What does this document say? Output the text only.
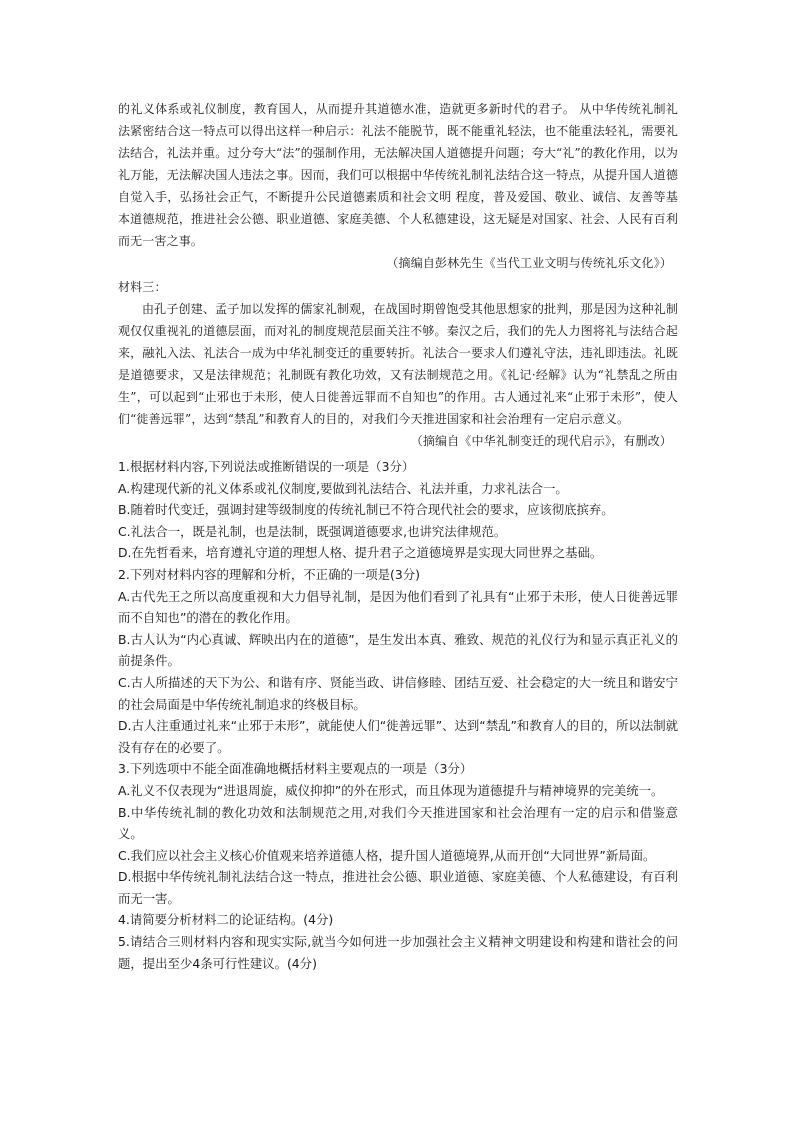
的礼义体系或礼仪制度，教育国人，从而提升其道德水准，造就更多新时代的君子。 从中华传统礼制礼法紧密结合这一特点可以得出这样一种启示：礼法不能脱节，既不能重礼轻法，也不能重法轻礼，需要礼法结合，礼法并重。过分夸大“法”的强制作用，无法解决国人道德提升问题；夸大“礼”的教化作用，以为礼万能，无法解决国人违法之事。因而，我们可以根据中华传统礼制礼法结合这一特点，从提升国人道德自觉入手，弘扬社会正气，不断提升公民道德素质和社会文明 程度，普及爱国、敬业、诚信、友善等基本道德规范，推进社会公德、职业道德、家庭美德、个人私德建设，这无疑是对国家、社会、人民有百利而无一害之事。

（摘编自彭林先生《当代工业文明与传统礼乐文化》）

材料三：

由孔子创建、孟子加以发挥的儒家礼制观，在战国时期曾饱受其他思想家的批判，那是因为这种礼制观仅仅重视礼的道德层面，而对礼的制度规范层面关注不够。秦汉之后，我们的先人力图将礼与法结合起来，融礼入法、礼法合一成为中华礼制变迁的重要转折。礼法合一要求人们遵礼守法，违礼即违法。礼既是道德要求，又是法律规范；礼制既有教化功效，又有法制规范之用。《礼记·经解》认为“礼禁乱之所由生”，可以起到“止邪也于未形，使人日徙善远罪而不自知也”的作用。古人通过礼来“止邪于未形”，使人们“徙善远罪”，达到“禁乱”和教育人的目的，对我们今天推进国家和社会治理有一定启示意义。

（摘编自《中华礼制变迁的现代启示》，有删改）

1.根据材料内容,下列说法或推断错误的一项是（3分）

A.构建现代新的礼义体系或礼仪制度,要做到礼法结合、礼法并重，力求礼法合一。

B.随着时代变迁，强调封建等级制度的传统礼制已不符合现代社会的要求，应该彻底摈弃。

C.礼法合一，既是礼制，也是法制，既强调道德要求,也讲究法律规范。

D.在先哲看来，培育遵礼守道的理想人格、提升君子之道德境界是实现大同世界之基础。

2.下列对材料内容的理解和分析，不正确的一项是(3分)

A.古代先王之所以高度重视和大力倡导礼制，是因为他们看到了礼具有“止邪于未形，使人日徙善远罪而不自知也”的潜在的教化作用。

B.古人认为“内心真诚、辉映出内在的道德”，是生发出本真、雅致、规范的礼仪行为和显示真正礼义的前提条件。

C.古人所描述的天下为公、和谐有序、贤能当政、讲信修睦、团结互爱、社会稳定的大一统且和谐安宁的社会局面是中华传统礼制追求的终极目标。

D.古人注重通过礼来“止邪于未形”，就能使人们“徙善远罪”、达到“禁乱”和教育人的目的，所以法制就没有存在的必要了。

3.下列选项中不能全面准确地概括材料主要观点的一项是（3分）

A.礼义不仅表现为“进退周旋，威仪抑抑”的外在形式，而且体现为道德提升与精神境界的完美统一。

B.中华传统礼制的教化功效和法制规范之用,对我们今天推进国家和社会治理有一定的启示和借鉴意义。

C.我们应以社会主义核心价值观来培养道德人格，提升国人道德境界,从而开创“大同世界”新局面。

D.根据中华传统礼制礼法结合这一特点，推进社会公德、职业道德、家庭美德、个人私德建设，有百利而无一害。

4.请简要分析材料二的论证结构。(4分)

5.请结合三则材料内容和现实实际,就当今如何进一步加强社会主义精神文明建设和构建和谐社会的问题，提出至少4条可行性建议。(4分)
